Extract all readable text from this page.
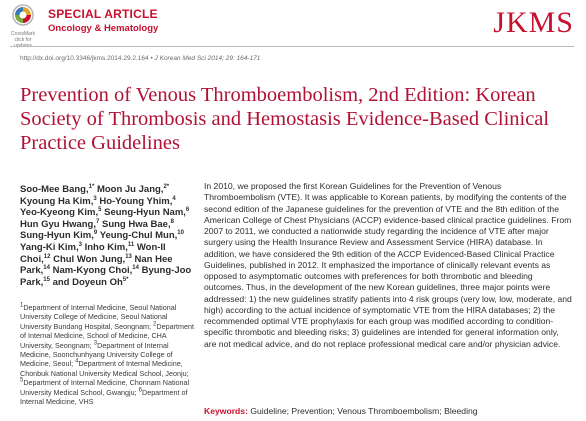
CrossMark
click for
SPECIAL ARTICLE
Oncology & Hematology	JKMS
http://dx.doi.org/10.3346/jkms.2014.29.2.164 • J Korean Med Sci 2014; 29: 164-171
Prevention of Venous Thromboembolism, 2nd Edition: Korean Society of Thrombosis and Hemostasis Evidence-Based Clinical Practice Guidelines
Soo-Mee Bang,$^{1*}$ Moon Ju Jang,$^{2*}$ Kyoung Ha Kim,$^3$ Ho-Young Yhim,$^4$ Yeo-Kyeong Kim,$^5$ Seung-Hyun Nam,$^6$ Hun Gyu Hwang,$^7$ Sung Hwa Bae,$^8$ Sung-Hyun Kim,$^9$ Yeung-Chul Mun,$^{10}$ Yang-Ki Kim,$^3$ Inho Kim,$^{11}$ Won-Il Choi,$^{12}$ Chul Won Jung,$^{13}$ Nan Hee Park,$^{14}$ Nam-Kyong Choi,$^{14}$ Byung-Joo Park,$^{15}$ and Doyeun $Oh^{5*}$
$^1$Department of Internal Medicine, Seoul National University College of Medicine, Seoul National University Bundang Hospital, Seongnam; $^2$Department of Internal Medicine, School of Medicine, CHA University, Seongnam; $^3$Department of Internal Medicine, Soonchunhyang University College of Medicine, Seoul; $^4$Department of Internal Medicine, Chonbuk National University Medical School, Jeonju; $^5$Department of Internal Medicine, Chonnam National University Medical School, Gwangju; $^6$Department of Internal Medicine, VHS
In 2010, we proposed the first Korean Guidelines for the Prevention of Venous Thromboembolism (VTE). It was applicable to Korean patients, by modifying the contents of the second edition of the Japanese guidelines for the prevention of VTE and the 8th edition of the American College of Chest Physicians (ACCP) evidence-based clinical practice guidelines. From 2007 to 2011, we conducted a nationwide study regarding the incidence of VTE after major surgery using the Health Insurance Review and Assessment Service (HIRA) database. In addition, we have considered the 9th edition of the ACCP Evidenced-Based Clinical Practice Guidelines, published in 2012. It emphasized the importance of clinically relevant events as opposed to asymptomatic outcomes with preferences for both thrombotic and bleeding outcomes. Thus, in the development of the new Korean guidelines, three major points were addressed: 1) the new guidelines stratify patients into 4 risk groups (very low, low, moderate, and high) according to the actual incidence of symptomatic VTE from the HIRA databases; 2) the recommended optimal VTE prophylaxis for each group was modified according to condition-specific thrombotic and bleeding risks; 3) guidelines are intended for general information only, are not medical advice, and do not replace professional medical care and/or physician advice.
Keywords: Guideline; Prevention; Venous Thromboembolism; Bleeding
